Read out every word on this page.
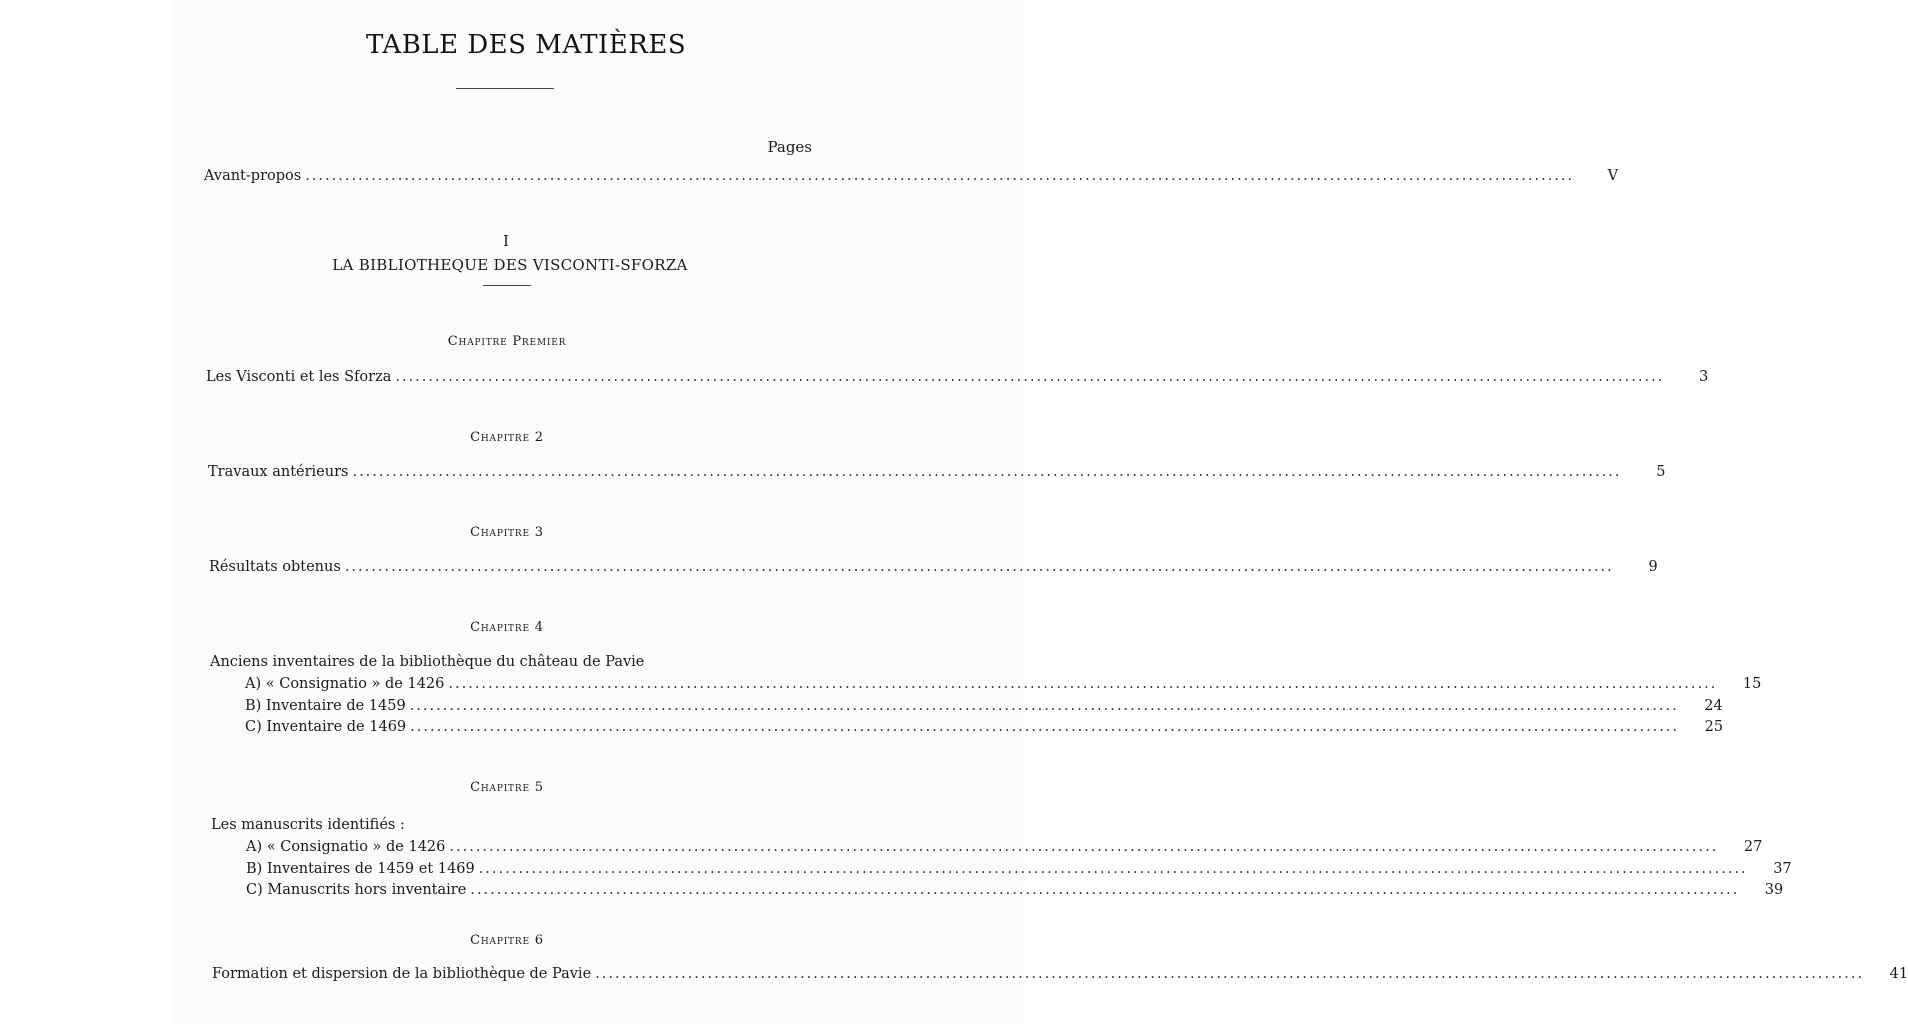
TABLE DES MATIÈRES
Pages
Avant-propos ................................................................................................................................................................................................	V
I
LA BIBLIOTHEQUE DES VISCONTI-SFORZA
Chapitre Premier
Les Visconti et les Sforza ................................................................................................................................................................................................	3
Chapitre 2
Travaux antérieurs ................................................................................................................................................................................................	5
Chapitre 3
Résultats obtenus ................................................................................................................................................................................................	9
Chapitre 4
Anciens inventaires de la bibliothèque du château de Pavie
A) « Consignatio » de 1426 ................................................................................................................................................................................................	15
B) Inventaire de 1459 ................................................................................................................................................................................................	24
C) Inventaire de 1469 ................................................................................................................................................................................................	25
Chapitre 5
Les manuscrits identifiés :
A) « Consignatio » de 1426 ................................................................................................................................................................................................	27
B) Inventaires de 1459 et 1469 ................................................................................................................................................................................................	37
C) Manuscrits hors inventaire ................................................................................................................................................................................................	39
Chapitre 6
Formation et dispersion de la bibliothèque de Pavie ................................................................................................................................................................................................	41
